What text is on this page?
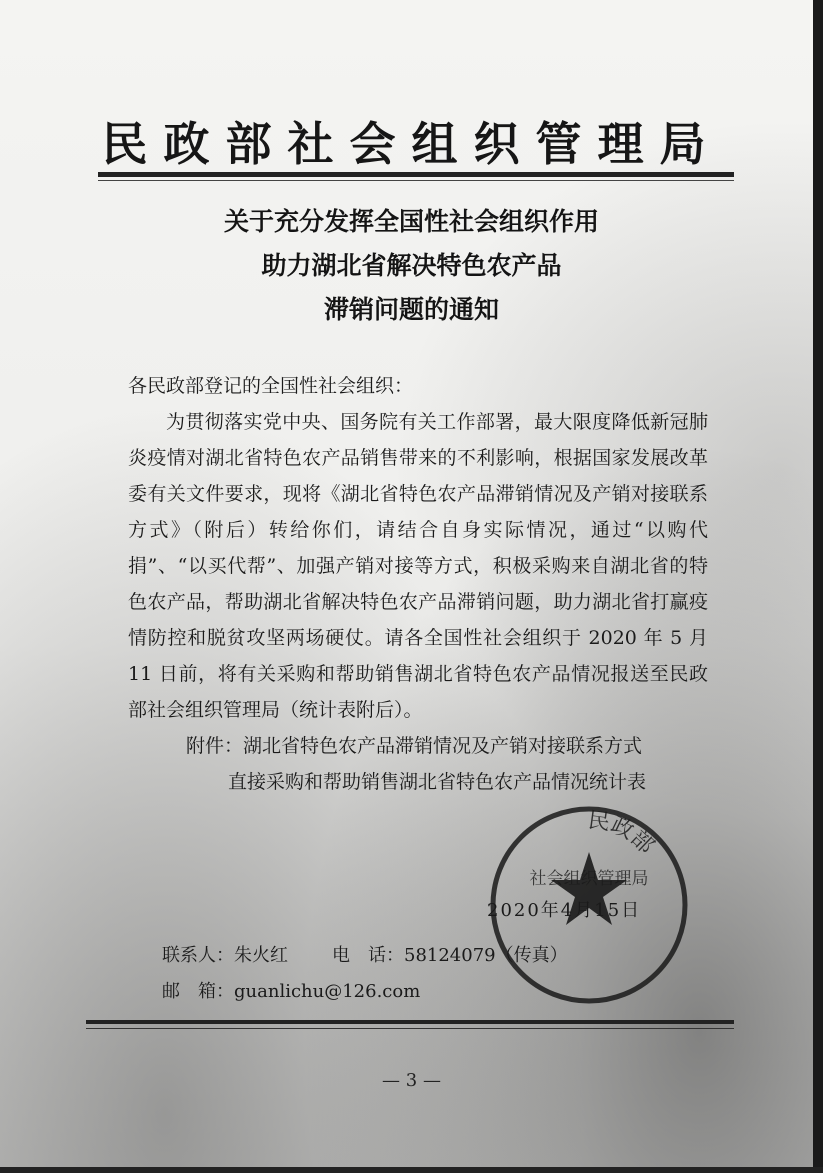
民政部社会组织管理局
关于充分发挥全国性社会组织作用
助力湖北省解决特色农产品
滞销问题的通知

各民政部登记的全国性社会组织：

为贯彻落实党中央、国务院有关工作部署，最大限度降低新冠肺炎疫情对湖北省特色农产品销售带来的不利影响，根据国家发展改革委有关文件要求，现将《湖北省特色农产品滞销情况及产销对接联系方式》（附后）转给你们，请结合自身实际情况，通过“以购代捐”、“以买代帮”、加强产销对接等方式，积极采购来自湖北省的特色农产品，帮助湖北省解决特色农产品滞销问题，助力湖北省打赢疫情防控和脱贫攻坚两场硬仗。请各全国性社会组织于 2020 年 5 月 11 日前，将有关采购和帮助销售湖北省特色农产品情况报送至民政部社会组织管理局（统计表附后）。

附件：湖北省特色农产品滞销情况及产销对接联系方式

直接采购和帮助销售湖北省特色农产品情况统计表

民政部
社会组织管理局
2020年4月15日
联系人：朱火红 电　话：58124079（传真）
邮　箱：guanlichu@126.com
— 3 —
